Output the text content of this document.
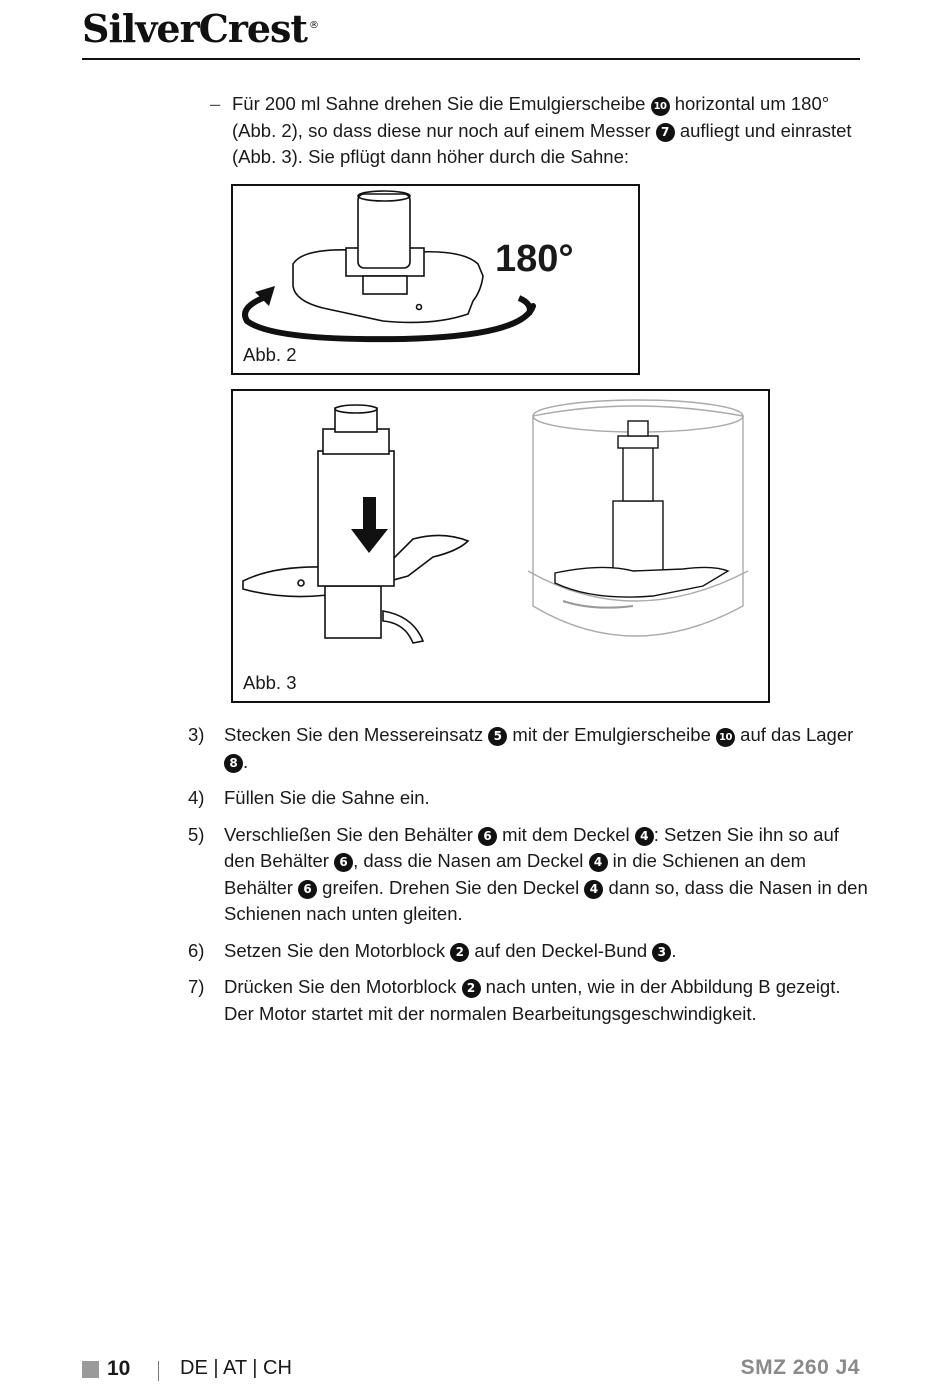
SilverCrest ®
– Für 200 ml Sahne drehen Sie die Emulgierscheibe 10 horizontal um 180° (Abb. 2), so dass diese nur noch auf einem Messer 7 aufliegt und einrastet (Abb. 3). Sie pflügt dann höher durch die Sahne:
180°
Abb. 2
Abb. 3
3) Stecken Sie den Messereinsatz 5 mit der Emulgierscheibe 10 auf das Lager 8 .
4) Füllen Sie die Sahne ein.
5) Verschließen Sie den Behälter 6 mit dem Deckel 4 : Setzen Sie ihn so auf den Behälter 6 , dass die Nasen am Deckel 4 in die Schienen an dem Behälter 6 greifen. Drehen Sie den Deckel 4 dann so, dass die Nasen in den Schienen nach unten gleiten.
6) Setzen Sie den Motorblock 2 auf den Deckel-Bund 3 .
7) Drücken Sie den Motorblock 2 nach unten, wie in der Abbildung B gezeigt. Der Motor startet mit der normalen Bearbeitungsgeschwindigkeit.
10 DE | AT | CH	SMZ 260 J4
